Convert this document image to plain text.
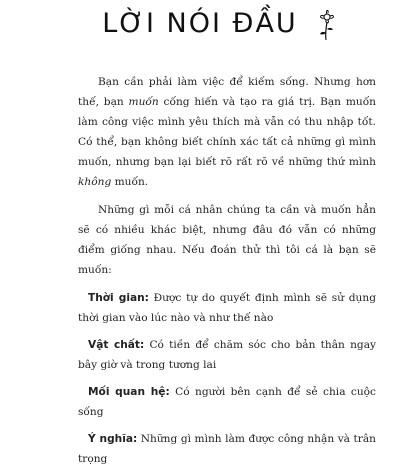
LỜI NÓI ĐẦU

Bạn cần phải làm việc để kiếm sống. Nhưng hơn thế, bạn muốn cống hiến và tạo ra giá trị. Bạn muốn làm công việc mình yêu thích mà vẫn có thu nhập tốt. Có thể, bạn không biết chính xác tất cả những gì mình muốn, nhưng bạn lại biết rõ rất rõ về những thứ mình không muốn.

Những gì mỗi cá nhân chúng ta cần và muốn hẳn sẽ có nhiều khác biệt, nhưng đâu đó vẫn có những điểm giống nhau. Nếu đoán thử thì tôi cá là bạn sẽ muốn:

Thời gian: Được tự do quyết định mình sẽ sử dụng thời gian vào lúc nào và như thế nào

Vật chất: Có tiền để chăm sóc cho bản thân ngay bây giờ và trong tương lai

Mối quan hệ: Có người bên cạnh để sẻ chia cuộc sống

Ý nghĩa: Những gì mình làm được công nhận và trân trọng
